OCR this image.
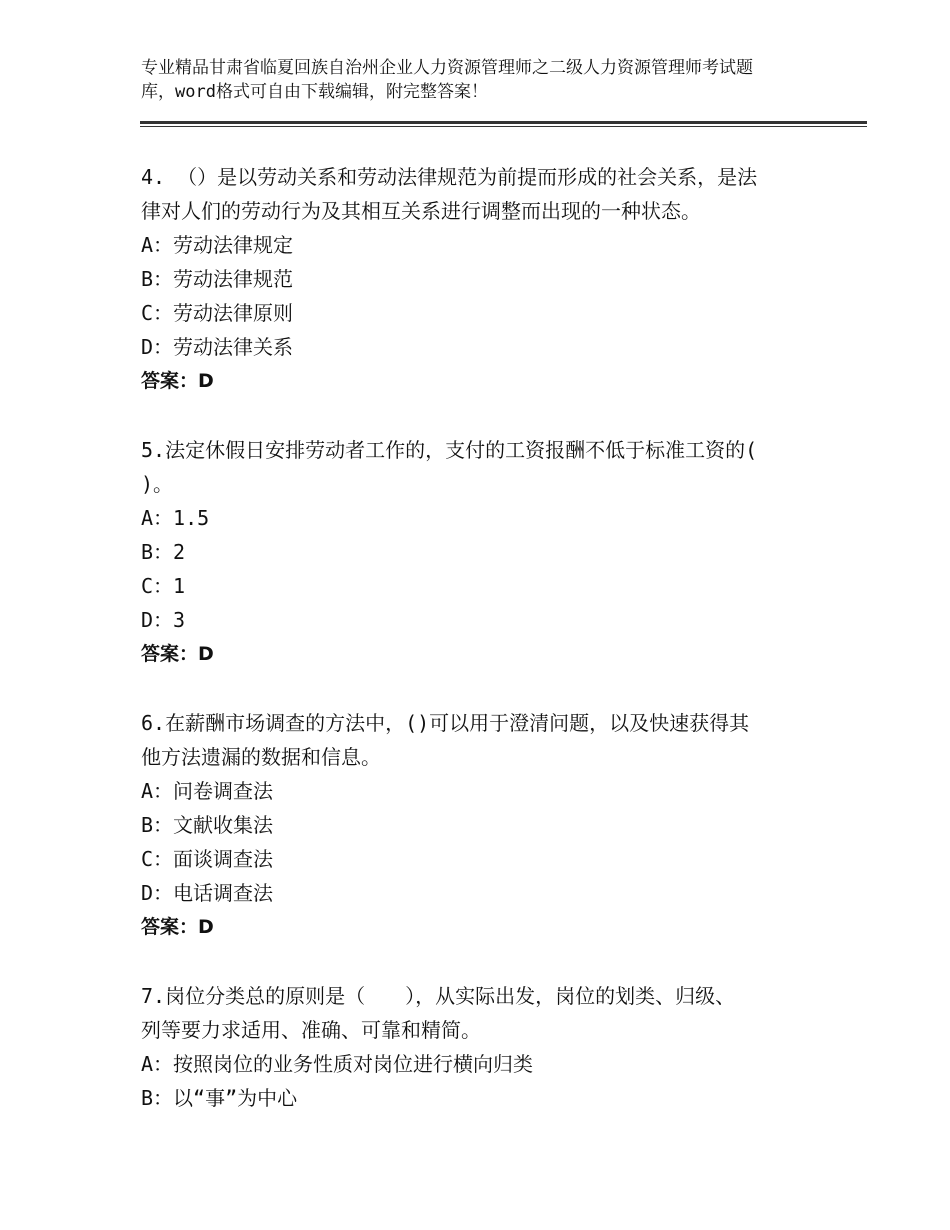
专业精品甘肃省临夏回族自治州企业人力资源管理师之二级人力资源管理师考试题
库，word格式可自由下载编辑，附完整答案！
4. （）是以劳动关系和劳动法律规范为前提而形成的社会关系，是法
律对人们的劳动行为及其相互关系进行调整而出现的一种状态。
A：劳动法律规定
B：劳动法律规范
C：劳动法律原则
D：劳动法律关系
答案：D
5.法定休假日安排劳动者工作的，支付的工资报酬不低于标准工资的(
)。
A：1.5
B：2
C：1
D：3
答案：D
6.在薪酬市场调查的方法中，()可以用于澄清问题，以及快速获得其
他方法遗漏的数据和信息。
A：问卷调查法
B：文献收集法
C：面谈调查法
D：电话调查法
答案：D
7.岗位分类总的原则是（　　），从实际出发，岗位的划类、归级、
列等要力求适用、准确、可靠和精简。
A：按照岗位的业务性质对岗位进行横向归类
B：以“事”为中心
